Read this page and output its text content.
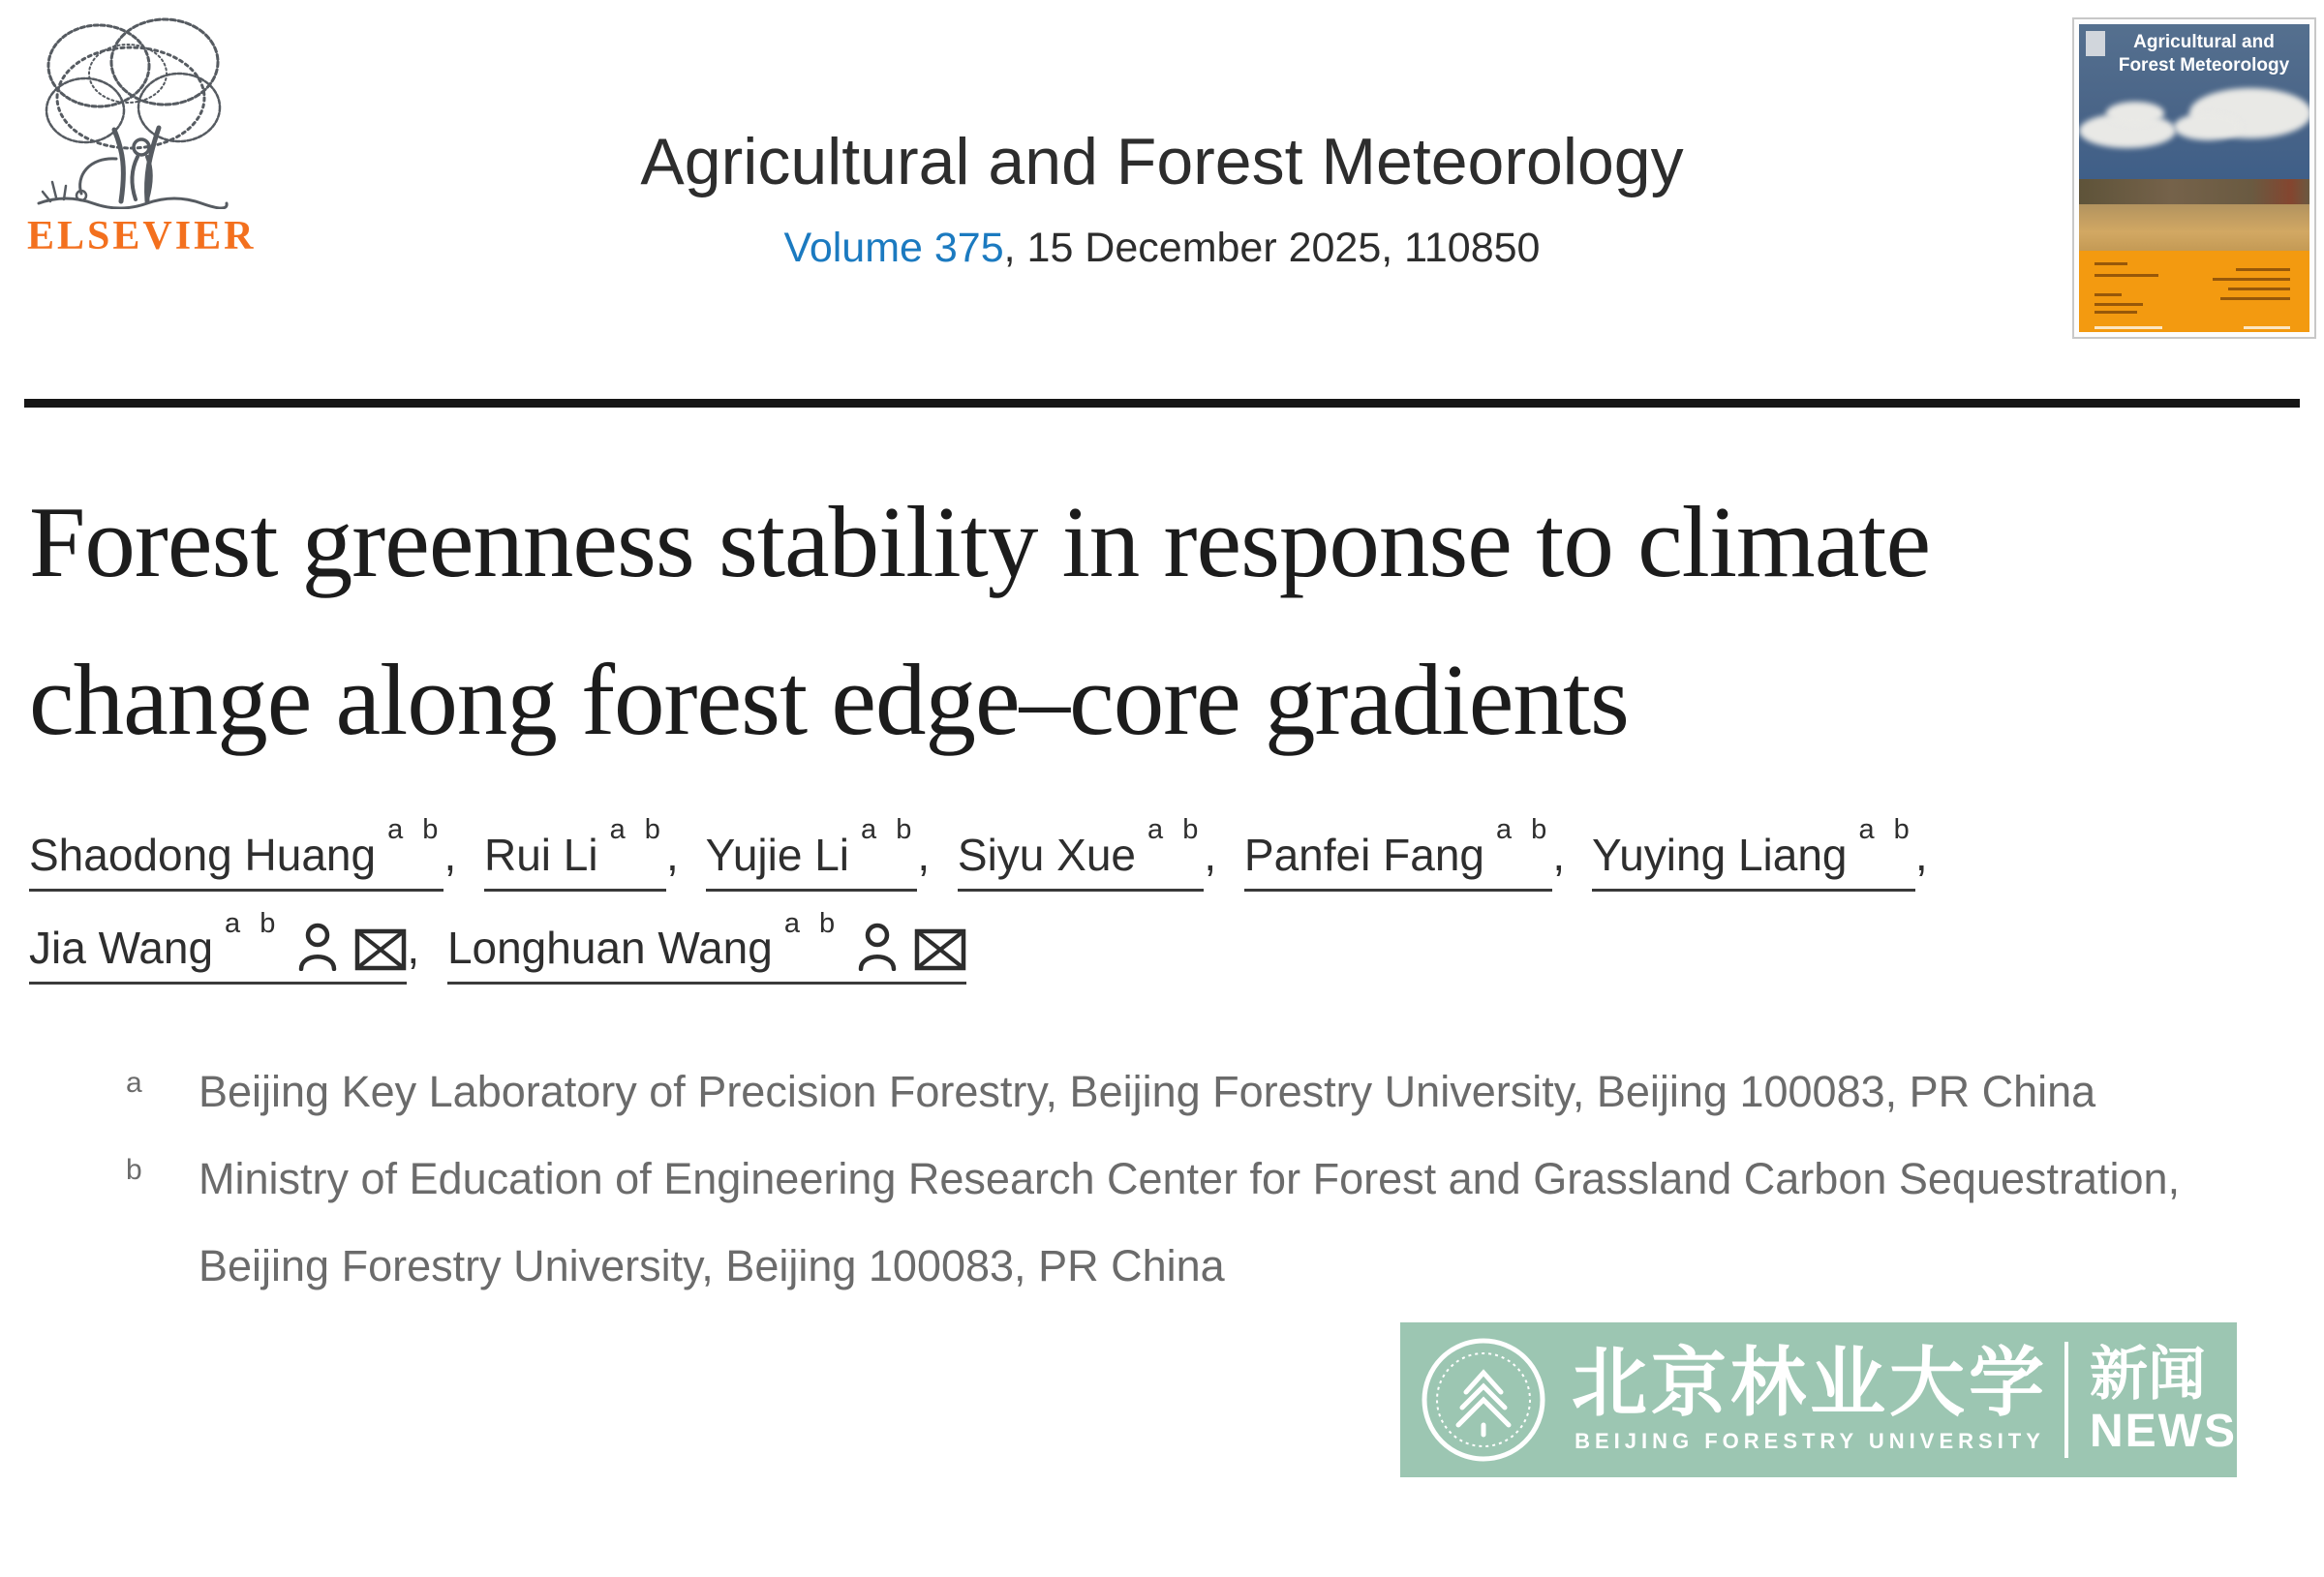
ELSEVIER
Agricultural and Forest Meteorology
Volume 375, 15 December 2025, 110850
Agricultural and Forest Meteorology
Forest greenness stability in response to climate change along forest edge–core gradients
Shaodong Huang $^{a b}$, Rui Li $^{a b}$, Yujie Li $^{a b}$, Siyu Xue $^{a b}$, Panfei Fang $^{a b}$, Yuying Liang $^{a b}$,
Jia Wang $^{a b}$	, Longhuan Wang $^{a b}$
a Beijing Key Laboratory of Precision Forestry, Beijing Forestry University, Beijing 100083, PR China
b Ministry of Education of Engineering Research Center for Forest and Grassland Carbon Sequestration, Beijing Forestry University, Beijing 100083, PR China
北京林业大学
BEIJING FORESTRY UNIVERSITY
新闻
NEWS
